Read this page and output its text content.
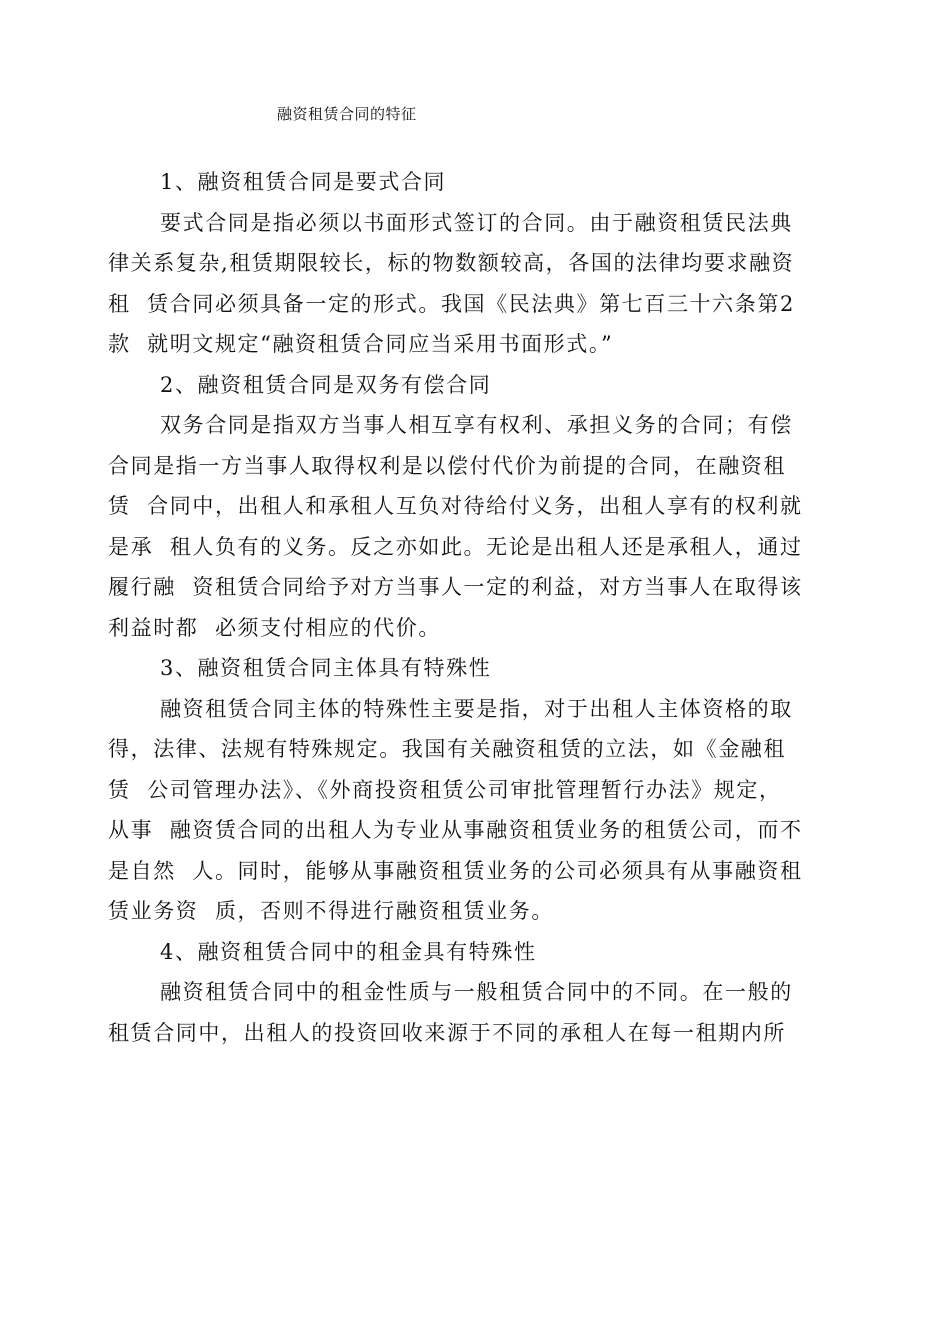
融资租赁合同的特征
1、融资租赁合同是要式合同
要式合同是指必须以书面形式签订的合同。由于融资租赁民法典
律关系复杂,租赁期限较长，标的物数额较高，各国的法律均要求融资
租  赁合同必须具备一定的形式。我国《民法典》第七百三十六条第2
款  就明文规定“融资租赁合同应当采用书面形式。”
2、融资租赁合同是双务有偿合同
双务合同是指双方当事人相互享有权利、承担义务的合同；有偿
合同是指一方当事人取得权利是以偿付代价为前提的合同，在融资租
赁  合同中，出租人和承租人互负对待给付义务，出租人享有的权利就
是承  租人负有的义务。反之亦如此。无论是出租人还是承租人，通过
履行融  资租赁合同给予对方当事人一定的利益，对方当事人在取得该
利益时都  必须支付相应的代价。
3、融资租赁合同主体具有特殊性
融资租赁合同主体的特殊性主要是指，对于出租人主体资格的取
得，法律、法规有特殊规定。我国有关融资租赁的立法，如《金融租
赁  公司管理办法》、《外商投资租赁公司审批管理暂行办法》规定，
从事  融资赁合同的出租人为专业从事融资租赁业务的租赁公司，而不
是自然  人。同时，能够从事融资租赁业务的公司必须具有从事融资租
赁业务资  质，否则不得进行融资租赁业务。
4、融资租赁合同中的租金具有特殊性
融资租赁合同中的租金性质与一般租赁合同中的不同。在一般的
租赁合同中，出租人的投资回收来源于不同的承租人在每一租期内所
